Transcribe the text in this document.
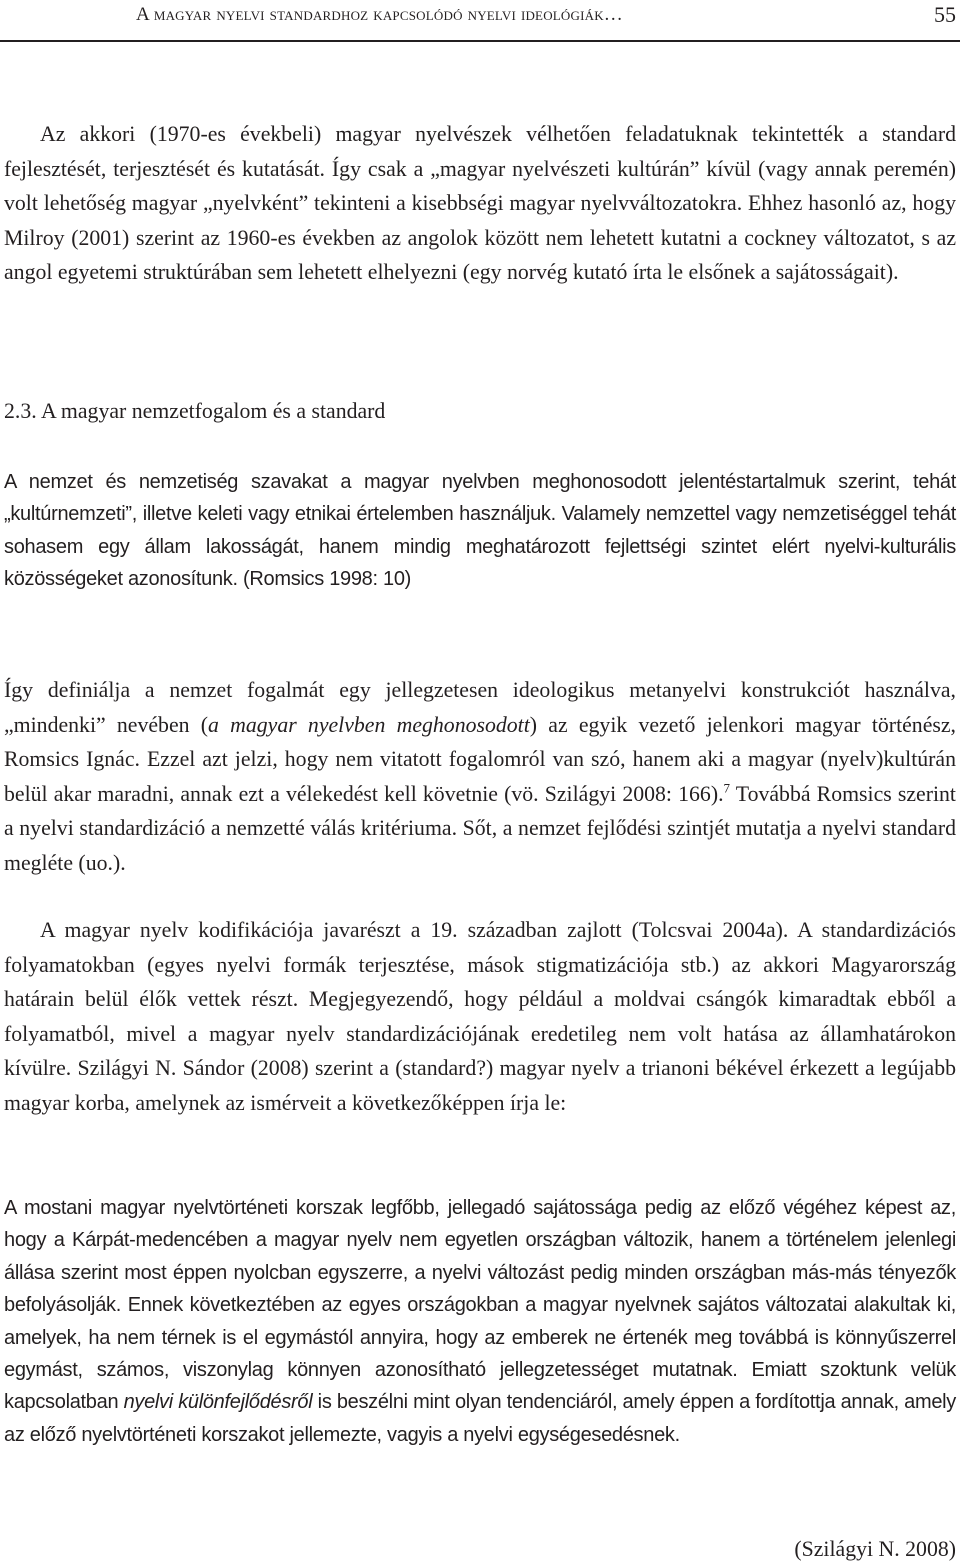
A magyar nyelvi standardhoz kapcsolódó nyelvi ideológiák…	55

Az akkori (1970-es évekbeli) magyar nyelvészek vélhetően feladatuknak tekintették a standard fejlesztését, terjesztését és kutatását. Így csak a „magyar nyelvészeti kultúrán” kívül (vagy annak peremén) volt lehetőség magyar „nyelvként” tekinteni a kisebbségi magyar nyelvváltozatokra. Ehhez hasonló az, hogy Milroy (2001) szerint az 1960-es években az angolok között nem lehetett kutatni a cockney változatot, s az angol egyetemi struktúrában sem lehetett elhelyezni (egy norvég kutató írta le elsőnek a sajátosságait).

2.3. A magyar nemzetfogalom és a standard

A nemzet és nemzetiség szavakat a magyar nyelvben meghonosodott jelentéstartalmuk szerint, tehát „kultúrnemzeti”, illetve keleti vagy etnikai értelemben használjuk. Valamely nemzettel vagy nemzetiséggel tehát sohasem egy állam lakosságát, hanem mindig meghatározott fejlettségi szintet elért nyelvi-kulturális közösségeket azonosítunk. (Romsics 1998: 10)

Így definiálja a nemzet fogalmát egy jellegzetesen ideologikus metanyelvi konstrukciót használva, „mindenki” nevében (a magyar nyelvben meghonosodott) az egyik vezető jelenkori magyar történész, Romsics Ignác. Ezzel azt jelzi, hogy nem vitatott fogalomról van szó, hanem aki a magyar (nyelv)kultúrán belül akar maradni, annak ezt a vélekedést kell követnie (vö. Szilágyi 2008: 166).$^7$ Továbbá Romsics szerint a nyelvi standardizáció a nemzetté válás kritériuma. Sőt, a nemzet fejlődési szintjét mutatja a nyelvi standard megléte (uo.).

A magyar nyelv kodifikációja javarészt a 19. században zajlott (Tolcsvai 2004a). A standardizációs folyamatokban (egyes nyelvi formák terjesztése, mások stigmatizációja stb.) az akkori Magyarország határain belül élők vettek részt. Megjegyezendő, hogy például a moldvai csángók kimaradtak ebből a folyamatból, mivel a magyar nyelv standardizációjának eredetileg nem volt hatása az államhatárokon kívülre. Szilágyi N. Sándor (2008) szerint a (standard?) magyar nyelv a trianoni békével érkezett a legújabb magyar korba, amelynek az ismérveit a következőképpen írja le:

A mostani magyar nyelvtörténeti korszak legfőbb, jellegadó sajátossága pedig az előző végéhez képest az, hogy a Kárpát-medencében a magyar nyelv nem egyetlen országban változik, hanem a történelem jelenlegi állása szerint most éppen nyolcban egyszerre, a nyelvi változást pedig minden országban más-más tényezők befolyásolják. Ennek következtében az egyes országokban a magyar nyelvnek sajátos változatai alakultak ki, amelyek, ha nem térnek is el egymástól annyira, hogy az emberek ne értenék meg továbbá is könnyűszerrel egymást, számos, viszonylag könnyen azonosítható jellegzetességet mutatnak. Emiatt szoktunk velük kapcsolatban nyelvi különfejlődésről is beszélni mint olyan tendenciáról, amely éppen a fordítottja annak, amely az előző nyelvtörténeti korszakot jellemezte, vagyis a nyelvi egységesedésnek.

(Szilágyi N. 2008)
